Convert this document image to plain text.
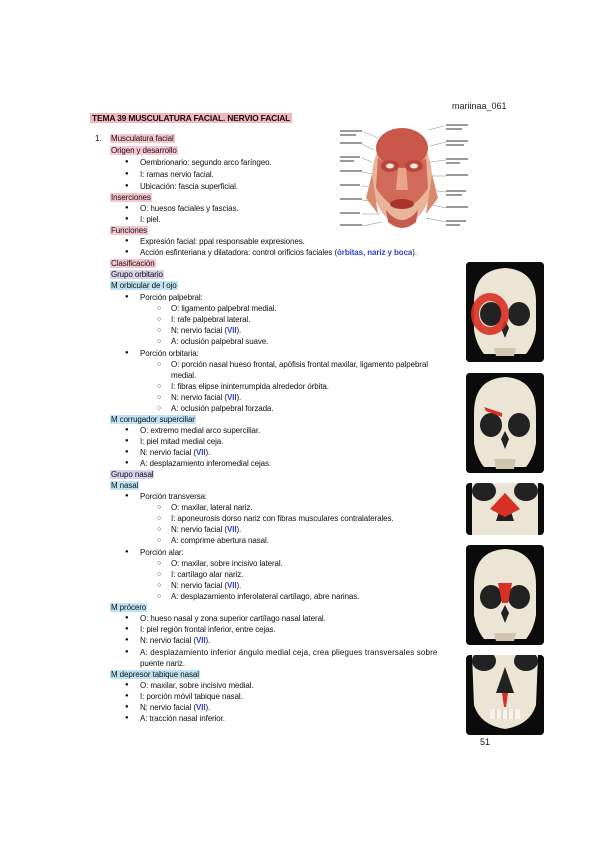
mariinaa_061
TEMA 39 MUSCULATURA FACIAL. NERVIO FACIAL
1. Musculatura facial
Origen y desarrollo
● Oembrionario: segundo arco faríngeo.
● I: ramas nervio facial.
● Ubicación: fascia superficial.
Inserciones
● O: huesos faciales y fascias.
● I: piel.
Funciones
● Expresión facial: ppal responsable expresiones.
● Acción esfinteriana y dilatadora: control orificios faciales (órbitas, nariz y boca).
Clasificación
Grupo orbitario
M orbicular de l ojo
● Porción palpebral:
○ O: ligamento palpebral medial.
○ I: rafe palpebral lateral.
○ N: nervio facial (VII).
○ A: oclusión palpebral suave.
● Porción orbitaria:
○ O: porción nasal hueso frontal, apófisis frontal maxilar, ligamento palpebral
medial.
○ I: fibras elipse ininterrumpida alrededor órbita.
○ N: nervio facial (VII).
○ A: oclusión palpebral forzada.
M corrugador superciliar
● O: extremo medial arco superciliar.
● I: piel mitad medial ceja.
● N: nervio facial (VII).
● A: desplazamiento inferomedial cejas.
Grupo nasal
M nasal
● Porción transversa:
○ O: maxilar, lateral nariz.
○ I: aponeurosis dorso nariz con fibras musculares contralaterales.
○ N: nervio facial (VII).
○ A: comprime abertura nasal.
● Porción alar:
○ O: maxilar, sobre incisivo lateral.
○ I: cartílago alar nariz.
○ N: nervio facial (VII).
○ A: desplazamiento inferolateral cartílago, abre narinas.
M prócero
● O: hueso nasal y zona superior cartílago nasal lateral.
● I: piel región frontal inferior, entre cejas.
● N: nervio facial (VII).
● A: desplazamiento inferior ángulo medial ceja, crea pliegues transversales sobre
puente nariz.
M depresor tabique nasal
● O: maxilar, sobre incisivo medial.
● I: porción móvil tabique nasal.
● N: nervio facial (VII).
● A: tracción nasal inferior.
51
